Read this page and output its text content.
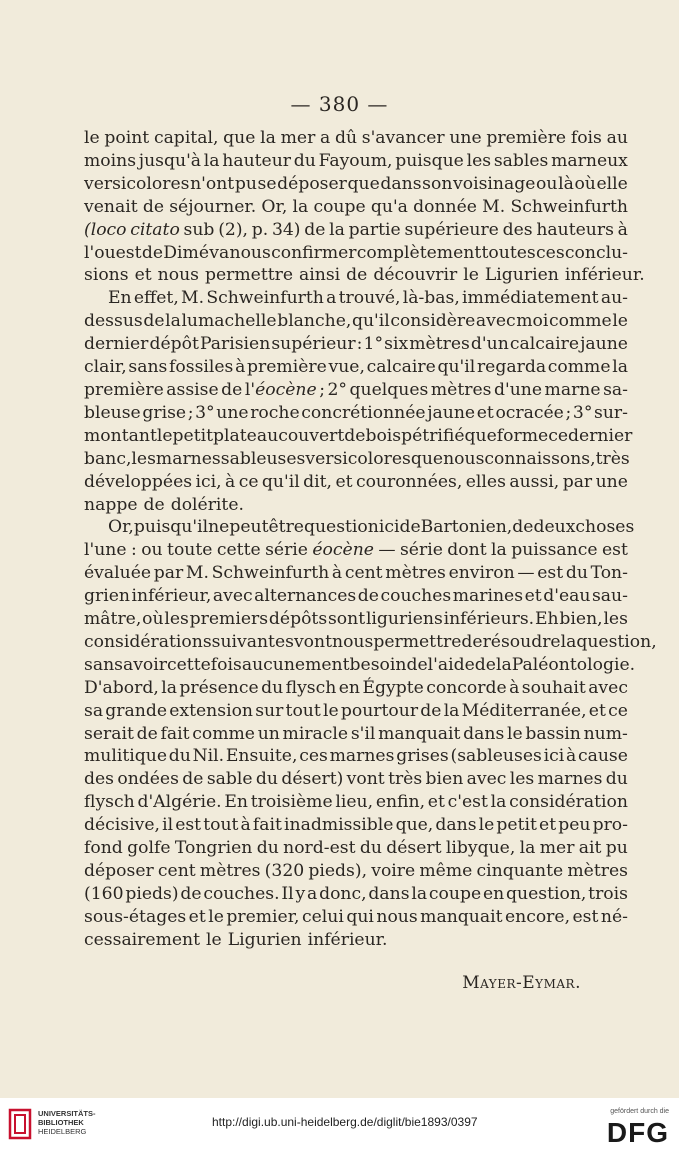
— 380 —
le point capital, que la mer a dû s'avancer une première fois au
moins jusqu'à la hauteur du Fayoum, puisque les sables marneux
versicolores n'ont pu se déposer que dans son voisinage ou là où elle
venait de séjourner. Or, la coupe qu'a donnée M. Schweinfurth
(loco citato sub (2), p. 34) de la partie supérieure des hauteurs à
l'ouest de Dimé va nous confirmer complètement toutes ces conclu-
sions et nous permettre ainsi de découvrir le Ligurien inférieur.
En effet, M. Schweinfurth a trouvé, là-bas, immédiatement au-
dessus de la lumachelle blanche, qu'il considère avec moi comme le
dernier dépôt Parisien supérieur : 1° six mètres d'un calcaire jaune
clair, sans fossiles à première vue, calcaire qu'il regarda comme la
première assise de l'éocène ; 2° quelques mètres d'une marne sa-
bleuse grise ; 3° une roche concrétionnée jaune et ocracée ; 3° sur-
montant le petit plateau couvert de bois pétrifié que forme ce dernier
banc, les marnes sableuses versicolores que nous connaissons, très
développées ici, à ce qu'il dit, et couronnées, elles aussi, par une
nappe de dolérite.
Or, puisqu'il ne peut être question ici de Bartonien, de deux choses
l'une : ou toute cette série éocène — série dont la puissance est
évaluée par M. Schweinfurth à cent mètres environ — est du Ton-
grien inférieur, avec alternances de couches marines et d'eau sau-
mâtre, où les premiers dépôts sont liguriens inférieurs. Eh bien, les
considérations suivantes vont nous permettre de résoudre la question,
sans avoir cette fois aucunement besoin de l'aide de la Paléontologie.
D'abord, la présence du flysch en Égypte concorde à souhait avec
sa grande extension sur tout le pourtour de la Méditerranée, et ce
serait de fait comme un miracle s'il manquait dans le bassin num-
mulitique du Nil. Ensuite, ces marnes grises (sableuses ici à cause
des ondées de sable du désert) vont très bien avec les marnes du
flysch d'Algérie. En troisième lieu, enfin, et c'est la considération
décisive, il est tout à fait inadmissible que, dans le petit et peu pro-
fond golfe Tongrien du nord-est du désert libyque, la mer ait pu
déposer cent mètres (320 pieds), voire même cinquante mètres
(160 pieds) de couches. Il y a donc, dans la coupe en question, trois
sous-étages et le premier, celui qui nous manquait encore, est né-
cessairement le Ligurien inférieur.
Mayer-Eymar.
UNIVERSITÄTS-
BIBLIOTHEK
HEIDELBERG
http://digi.ub.uni-heidelberg.de/diglit/bie1893/0397
gefördert durch die
DFG
